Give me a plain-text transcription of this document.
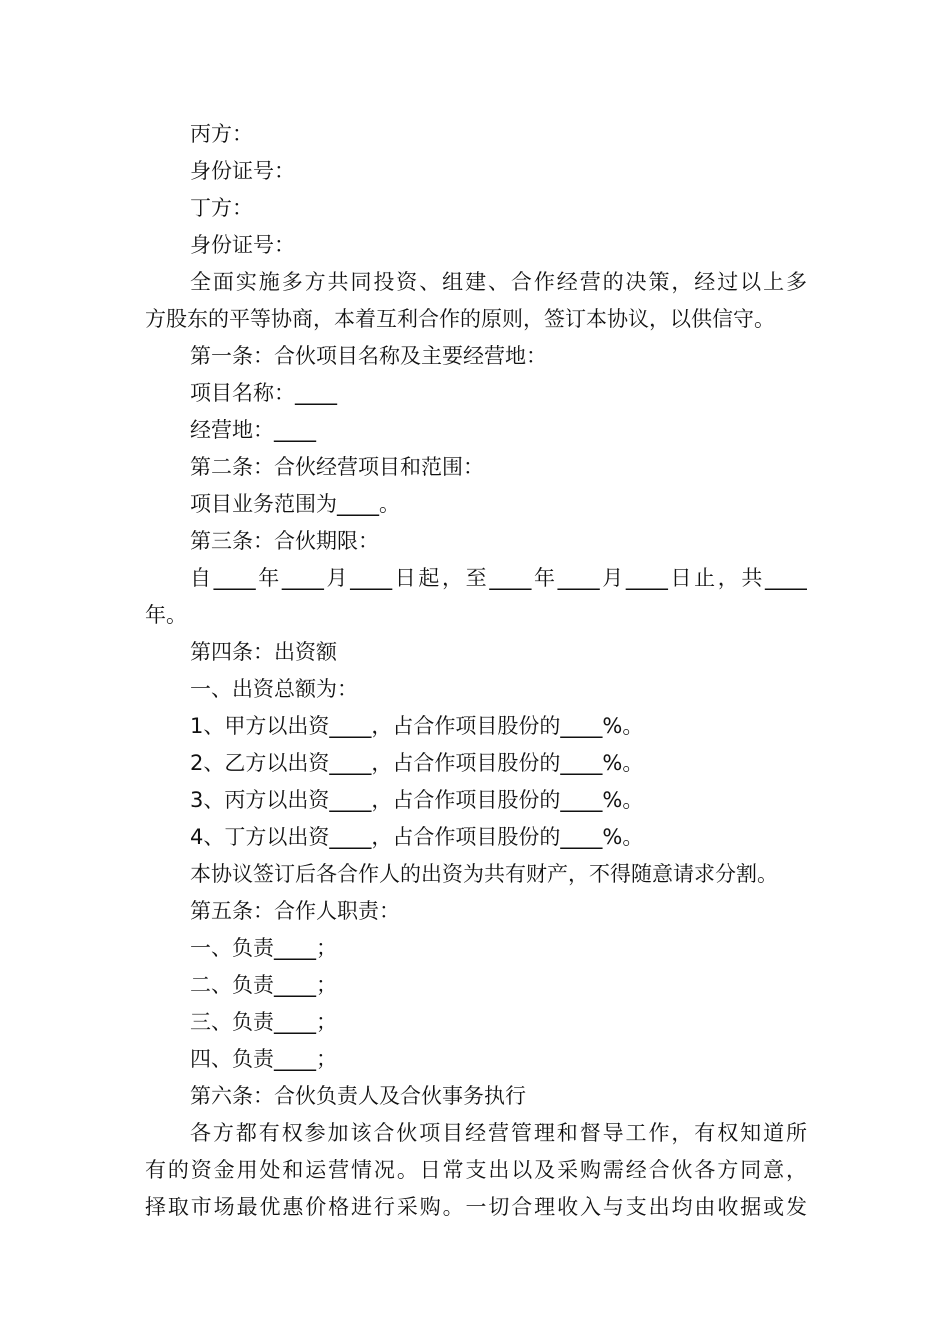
丙方：
身份证号：
丁方：
身份证号：
全面实施多方共同投资、组建、合作经营的决策，经过以上多
方股东的平等协商，本着互利合作的原则，签订本协议，以供信守。
第一条：合伙项目名称及主要经营地：
项目名称：____
经营地：____
第二条：合伙经营项目和范围：
项目业务范围为____。
第三条：合伙期限：
自____年____月____日起，至____年____月____日止，共____
年。
第四条：出资额
一、出资总额为：
1、甲方以出资____，占合作项目股份的____%。
2、乙方以出资____，占合作项目股份的____%。
3、丙方以出资____，占合作项目股份的____%。
4、丁方以出资____，占合作项目股份的____%。
本协议签订后各合作人的出资为共有财产，不得随意请求分割。
第五条：合作人职责：
一、负责____；
二、负责____；
三、负责____；
四、负责____；
第六条：合伙负责人及合伙事务执行
各方都有权参加该合伙项目经营管理和督导工作，有权知道所
有的资金用处和运营情况。日常支出以及采购需经合伙各方同意，
择取市场最优惠价格进行采购。一切合理收入与支出均由收据或发
